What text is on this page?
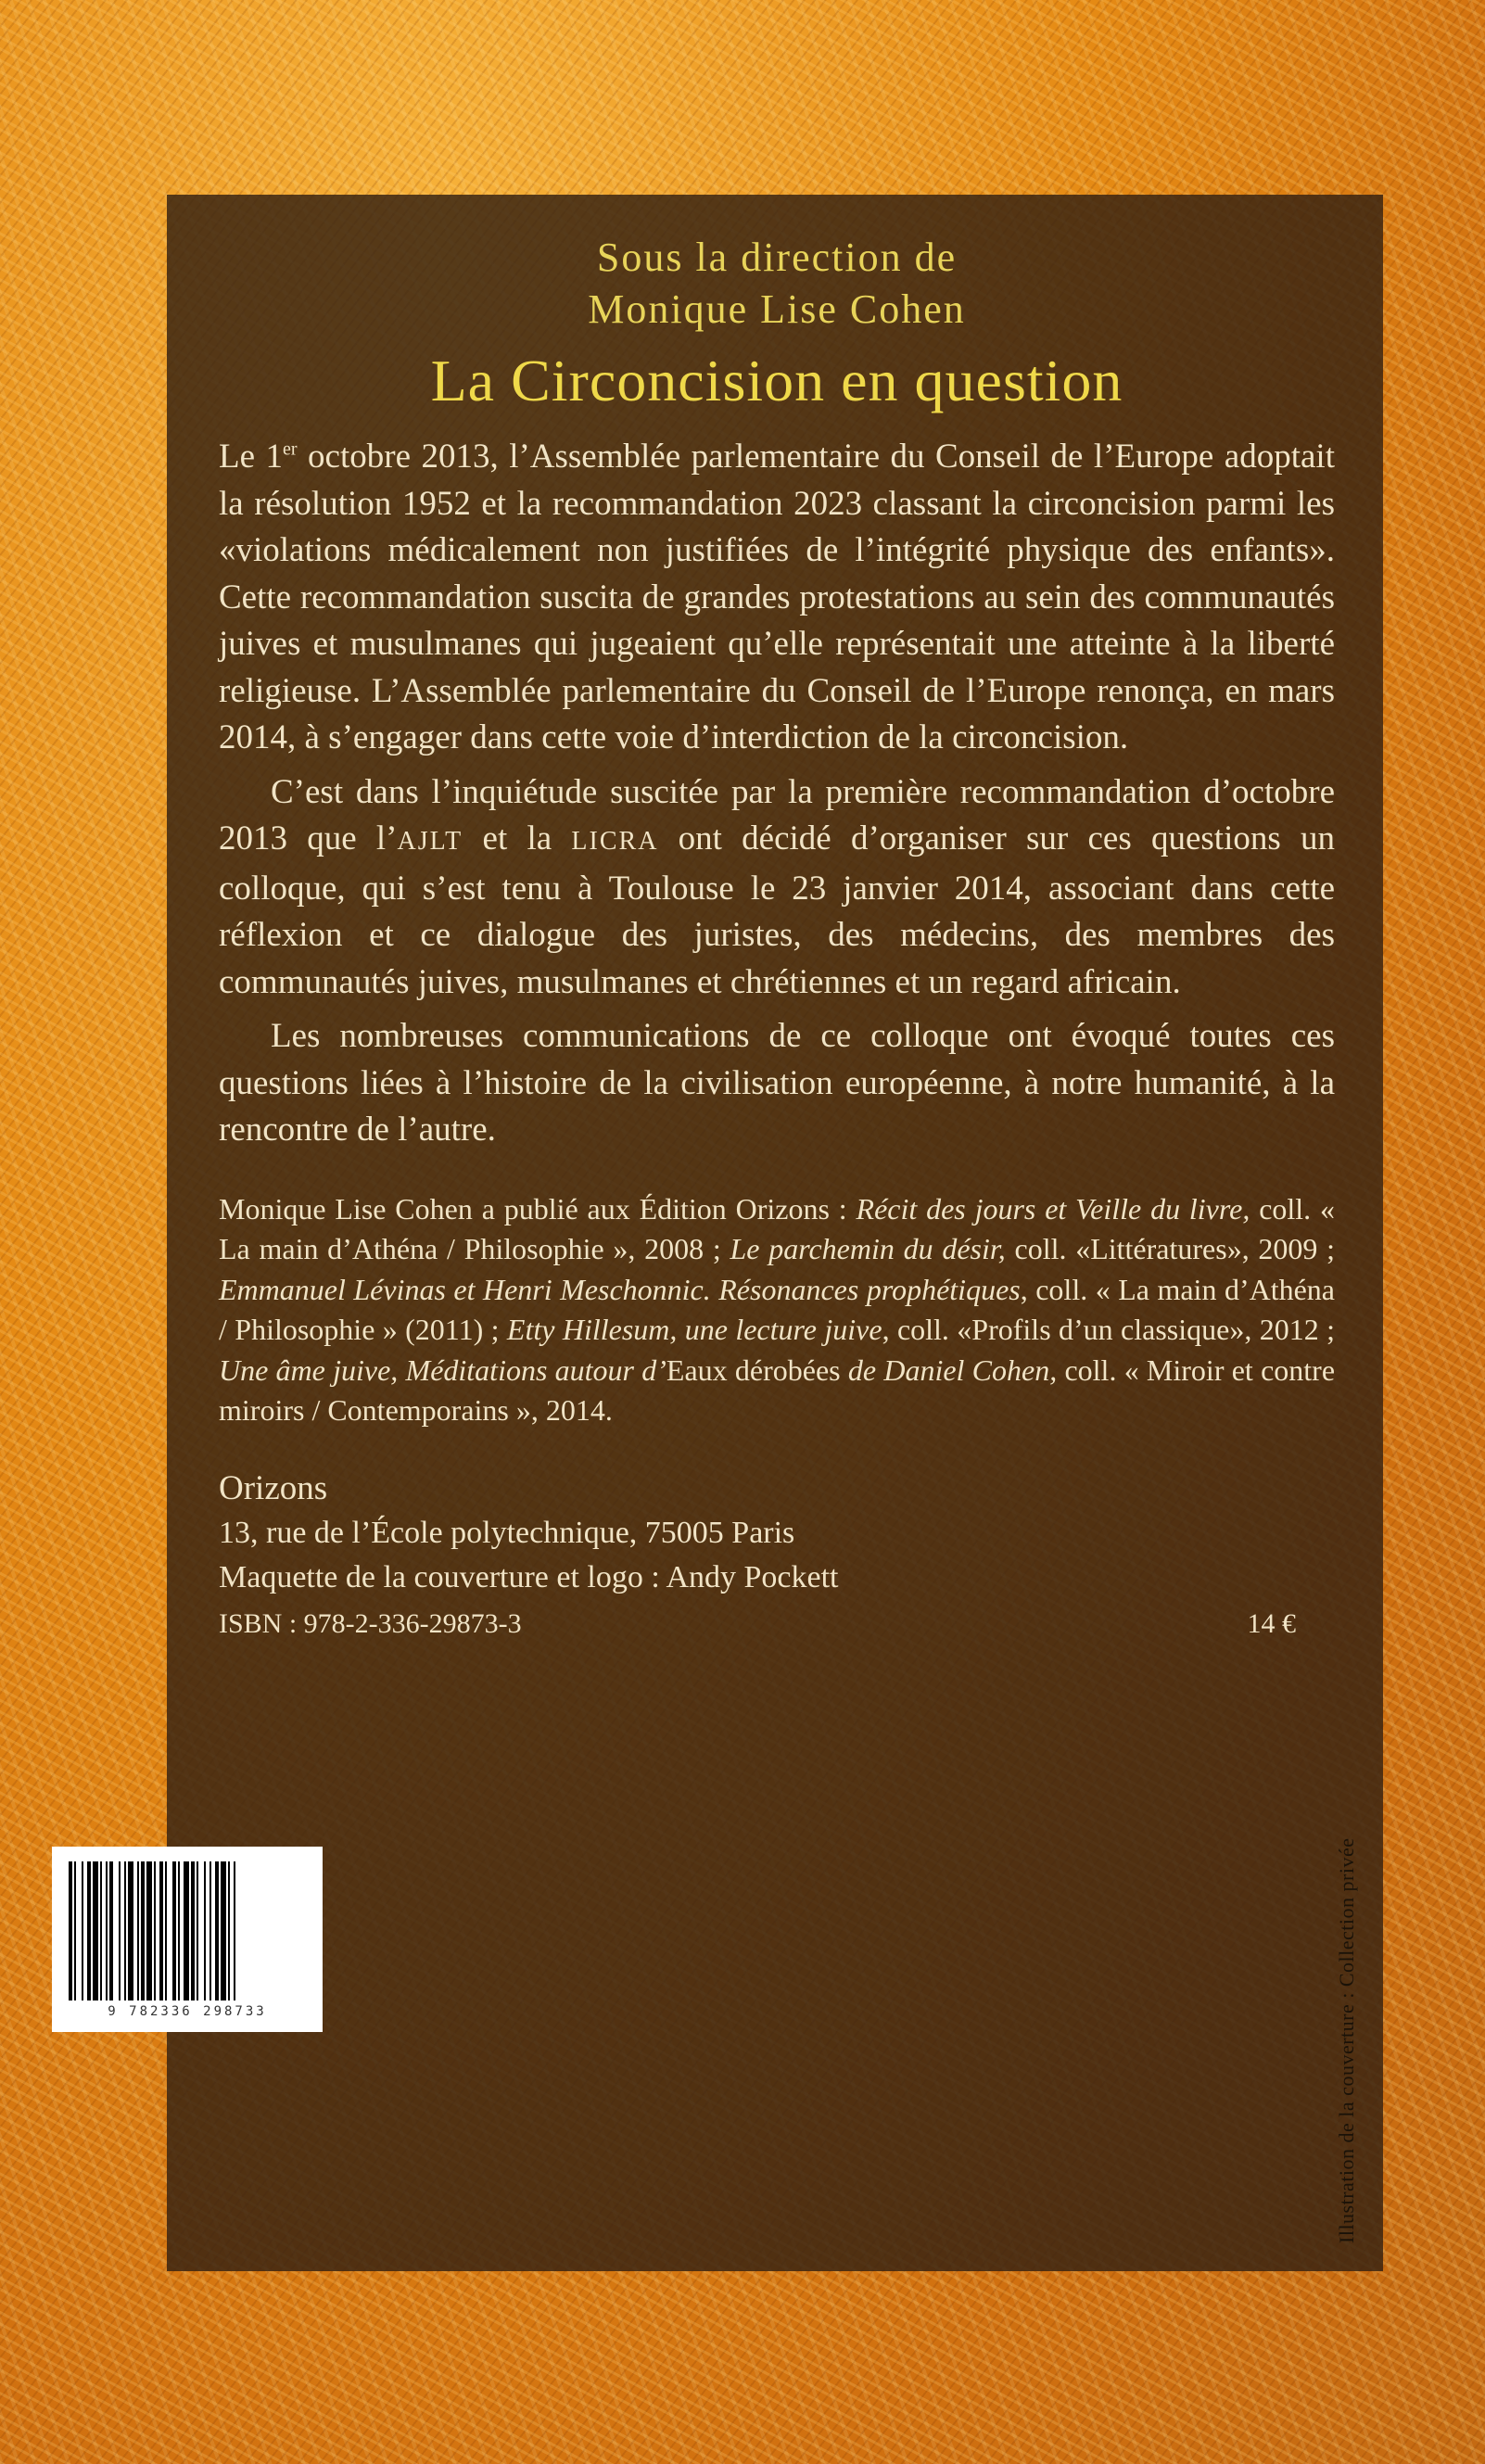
Sous la direction de
Monique Lise Cohen
La Circoncision en question

Le 1er octobre 2013, l’Assemblée parlementaire du Conseil de l’Europe adoptait la résolution 1952 et la recommandation 2023 classant la circoncision parmi les «violations médicalement non justifiées de l’intégrité physique des enfants». Cette recommandation suscita de grandes protestations au sein des communautés juives et musulmanes qui jugeaient qu’elle représentait une atteinte à la liberté religieuse. L’Assemblée parlementaire du Conseil de l’Europe renonça, en mars 2014, à s’engager dans cette voie d’interdiction de la circoncision.

C’est dans l’inquiétude suscitée par la première recommandation d’octobre 2013 que l’AJLT et la LICRA ont décidé d’organiser sur ces questions un colloque, qui s’est tenu à Toulouse le 23 janvier 2014, associant dans cette réflexion et ce dialogue des juristes, des médecins, des membres des communautés juives, musulmanes et chrétiennes et un regard africain.

Les nombreuses communications de ce colloque ont évoqué toutes ces questions liées à l’histoire de la civilisation européenne, à notre humanité, à la rencontre de l’autre.

Monique Lise Cohen a publié aux Édition Orizons : Récit des jours et Veille du livre, coll. « La main d’Athéna / Philosophie », 2008 ; Le parchemin du désir, coll. «Littératures», 2009 ; Emmanuel Lévinas et Henri Meschonnic. Résonances prophétiques, coll. « La main d’Athéna / Philosophie » (2011) ; Etty Hillesum, une lecture juive, coll. «Profils d’un classique», 2012 ; Une âme juive, Méditations autour d’Eaux dérobées de Daniel Cohen, coll. « Miroir et contre miroirs / Contemporains », 2014.
Orizons
13, rue de l’École polytechnique, 75005 Paris
Maquette de la couverture et logo : Andy Pockett
ISBN : 978-2-336-29873-3	14 €
9 782336 298733	Illustration de la couverture : Collection privée
